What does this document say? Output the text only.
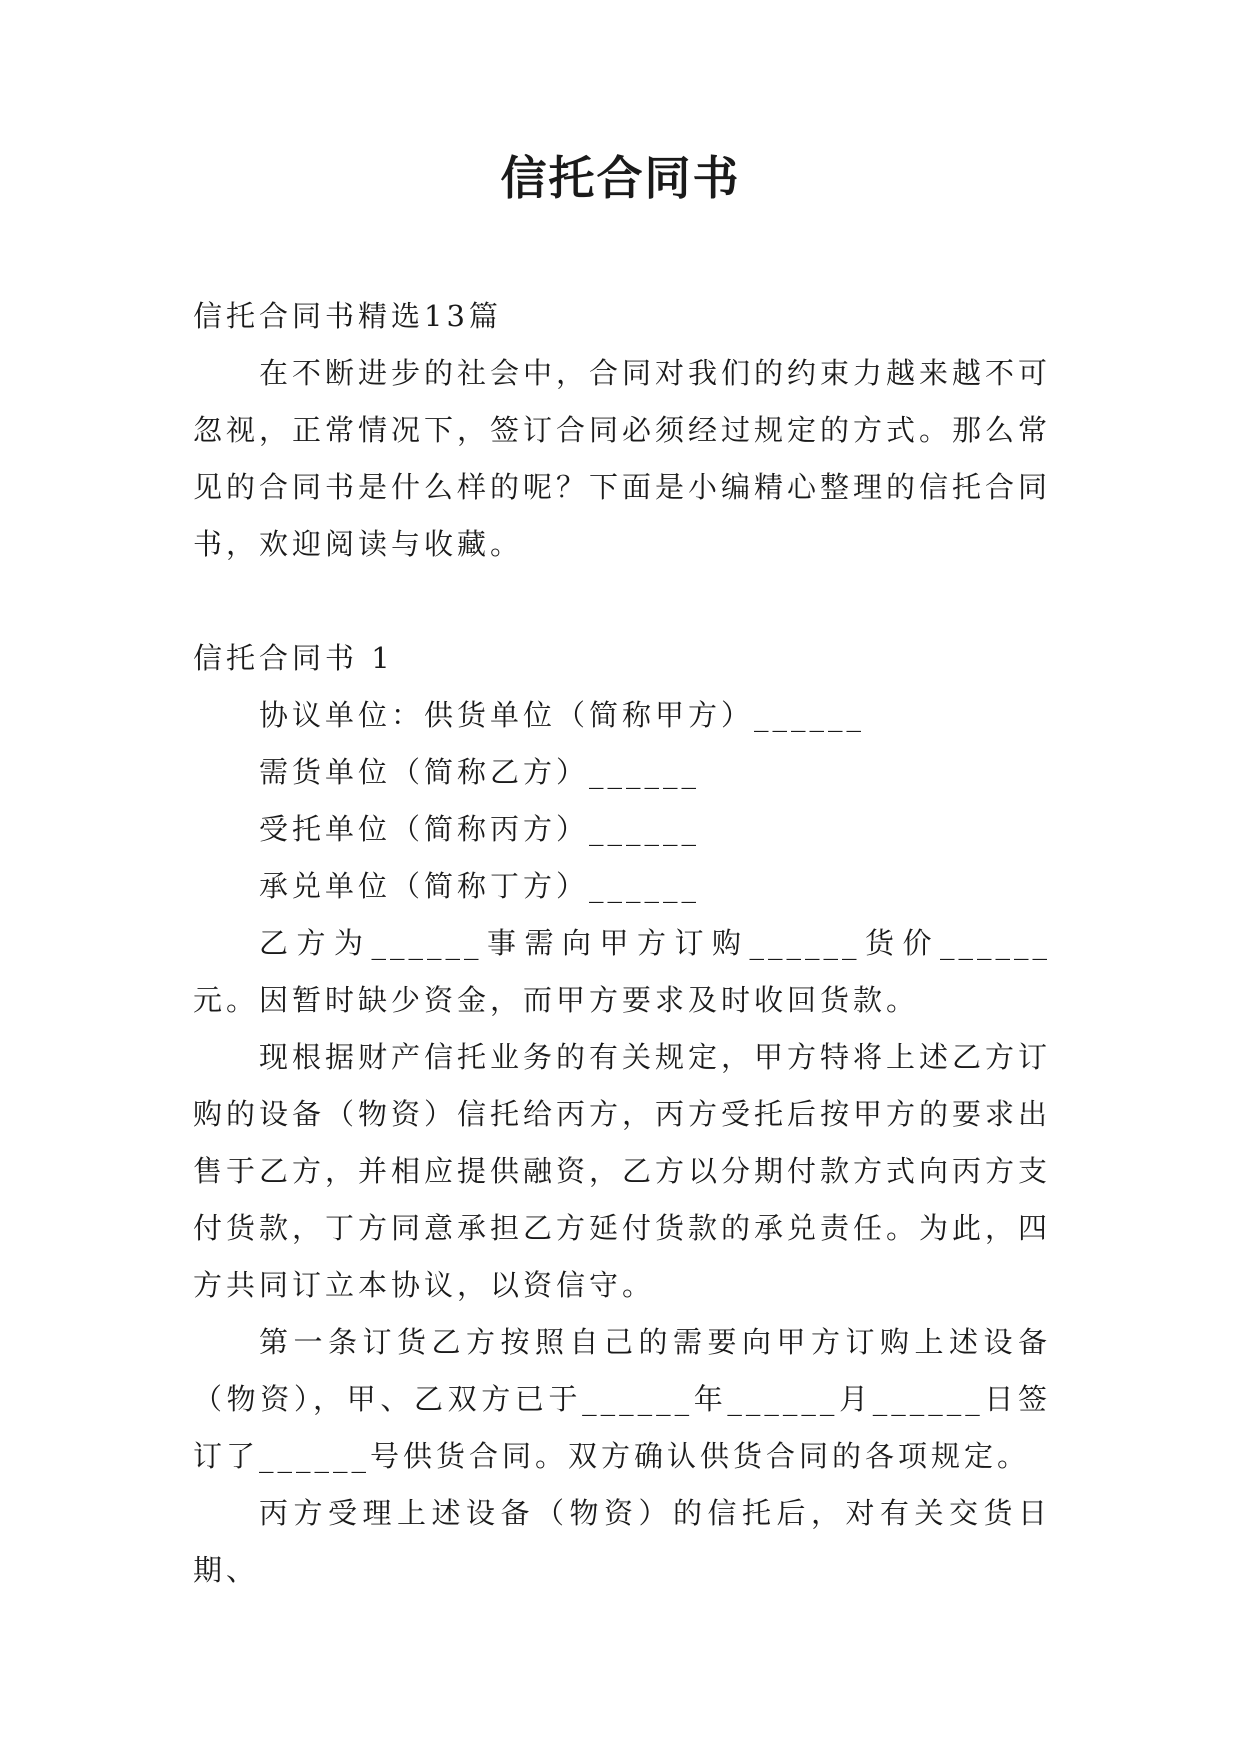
信托合同书

信托合同书精选13篇

在不断进步的社会中，合同对我们的约束力越来越不可忽视，正常情况下，签订合同必须经过规定的方式。那么常见的合同书是什么样的呢？下面是小编精心整理的信托合同书，欢迎阅读与收藏。

信托合同书 1

协议单位：供货单位（简称甲方）______

需货单位（简称乙方）______

受托单位（简称丙方）______

承兑单位（简称丁方）______

乙方为______事需向甲方订购______货价______元。因暂时缺少资金，而甲方要求及时收回货款。

现根据财产信托业务的有关规定，甲方特将上述乙方订购的设备（物资）信托给丙方，丙方受托后按甲方的要求出售于乙方，并相应提供融资，乙方以分期付款方式向丙方支付货款，丁方同意承担乙方延付货款的承兑责任。为此，四方共同订立本协议，以资信守。

第一条订货乙方按照自己的需要向甲方订购上述设备（物资），甲、乙双方已于______年______月______日签订了______号供货合同。双方确认供货合同的各项规定。

丙方受理上述设备（物资）的信托后，对有关交货日期、
